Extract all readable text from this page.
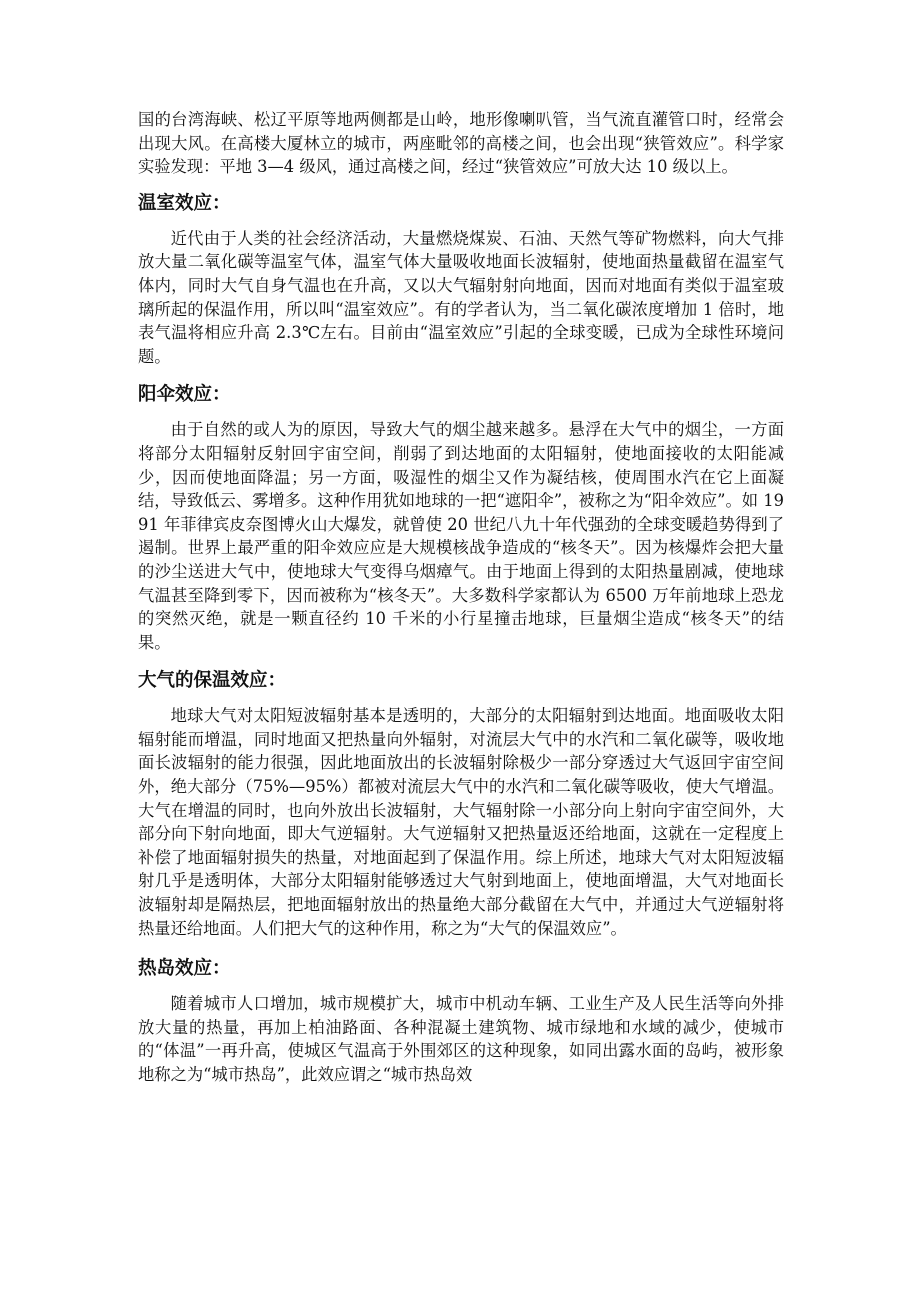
国的台湾海峡、松辽平原等地两侧都是山岭，地形像喇叭管，当气流直灌管口时，经常会出现大风。在高楼大厦林立的城市，两座毗邻的高楼之间，也会出现“狭管效应”。科学家实验发现：平地 3—4 级风，通过高楼之间，经过“狭管效应”可放大达 10 级以上。

温室效应：

近代由于人类的社会经济活动，大量燃烧煤炭、石油、天然气等矿物燃料，向大气排放大量二氧化碳等温室气体，温室气体大量吸收地面长波辐射，使地面热量截留在温室气体内，同时大气自身气温也在升高，又以大气辐射射向地面，因而对地面有类似于温室玻璃所起的保温作用，所以叫“温室效应”。有的学者认为，当二氧化碳浓度增加 1 倍时，地表气温将相应升高 2.3℃左右。目前由“温室效应”引起的全球变暖，已成为全球性环境问题。

阳伞效应：

由于自然的或人为的原因，导致大气的烟尘越来越多。悬浮在大气中的烟尘，一方面将部分太阳辐射反射回宇宙空间，削弱了到达地面的太阳辐射，使地面接收的太阳能减少，因而使地面降温；另一方面，吸湿性的烟尘又作为凝结核，使周围水汽在它上面凝结，导致低云、雾增多。这种作用犹如地球的一把“遮阳伞”，被称之为“阳伞效应”。如 1991 年菲律宾皮奈图博火山大爆发，就曾使 20 世纪八九十年代强劲的全球变暖趋势得到了遏制。世界上最严重的阳伞效应应是大规模核战争造成的“核冬天”。因为核爆炸会把大量的沙尘送进大气中，使地球大气变得乌烟瘴气。由于地面上得到的太阳热量剧减，使地球气温甚至降到零下，因而被称为“核冬天”。大多数科学家都认为 6500 万年前地球上恐龙的突然灭绝，就是一颗直径约 10 千米的小行星撞击地球，巨量烟尘造成“核冬天”的结果。

大气的保温效应：

地球大气对太阳短波辐射基本是透明的，大部分的太阳辐射到达地面。地面吸收太阳辐射能而增温，同时地面又把热量向外辐射，对流层大气中的水汽和二氧化碳等，吸收地面长波辐射的能力很强，因此地面放出的长波辐射除极少一部分穿透过大气返回宇宙空间外，绝大部分（75%—95%）都被对流层大气中的水汽和二氧化碳等吸收，使大气增温。大气在增温的同时，也向外放出长波辐射，大气辐射除一小部分向上射向宇宙空间外，大部分向下射向地面，即大气逆辐射。大气逆辐射又把热量返还给地面，这就在一定程度上补偿了地面辐射损失的热量，对地面起到了保温作用。综上所述，地球大气对太阳短波辐射几乎是透明体，大部分太阳辐射能够透过大气射到地面上，使地面增温，大气对地面长波辐射却是隔热层，把地面辐射放出的热量绝大部分截留在大气中，并通过大气逆辐射将热量还给地面。人们把大气的这种作用，称之为“大气的保温效应”。

热岛效应：

随着城市人口增加，城市规模扩大，城市中机动车辆、工业生产及人民生活等向外排放大量的热量，再加上柏油路面、各种混凝土建筑物、城市绿地和水域的减少，使城市的“体温”一再升高，使城区气温高于外围郊区的这种现象，如同出露水面的岛屿，被形象地称之为“城市热岛”，此效应谓之“城市热岛效
